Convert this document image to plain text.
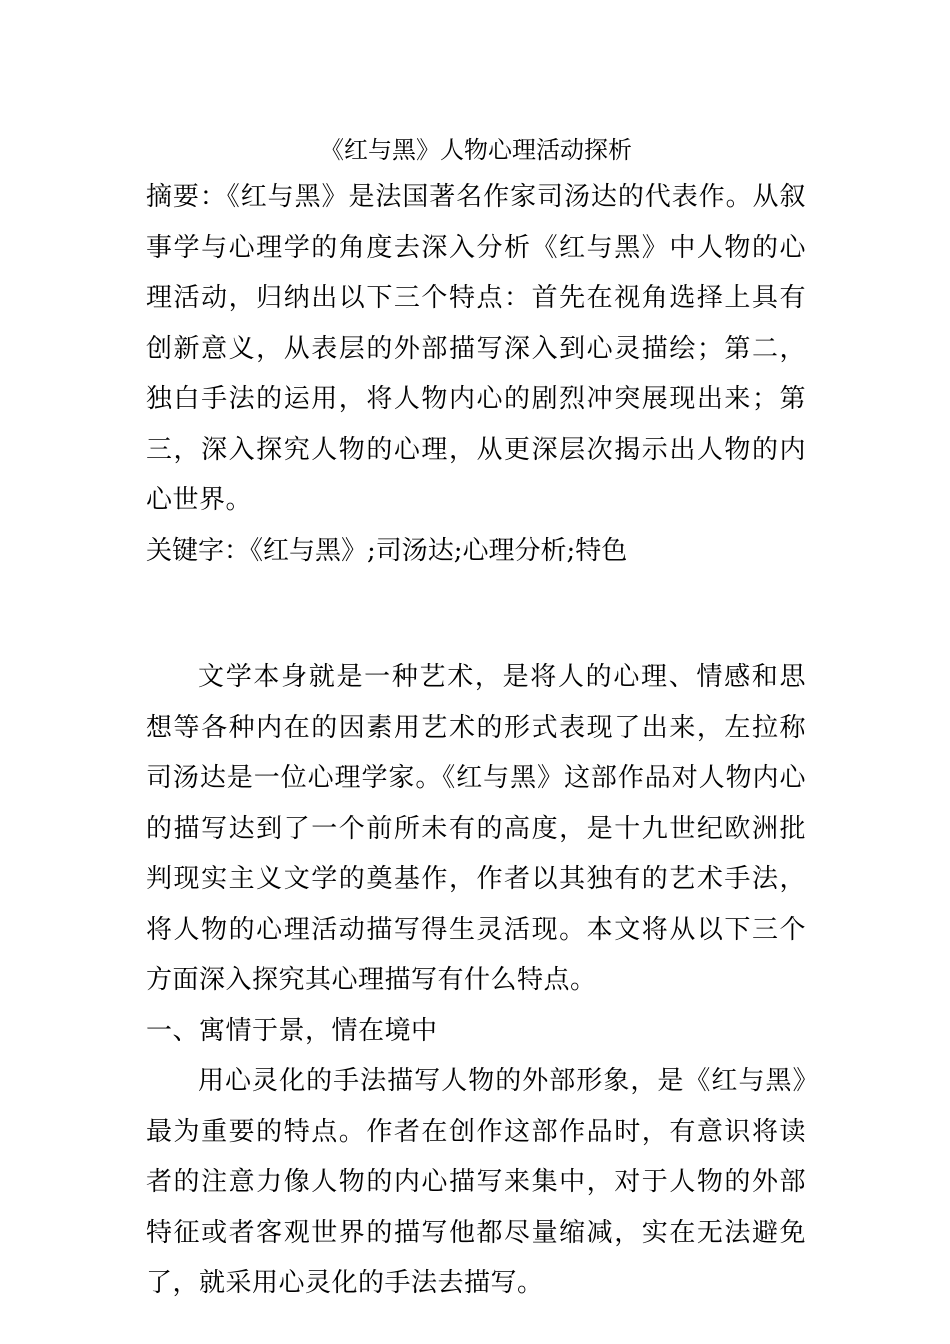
《红与黑》人物心理活动探析

摘要：《红与黑》是法国著名作家司汤达的代表作。从叙事学与心理学的角度去深入分析《红与黑》中人物的心理活动，归纳出以下三个特点：首先在视角选择上具有创新意义，从表层的外部描写深入到心灵描绘；第二，独白手法的运用，将人物内心的剧烈冲突展现出来；第三，深入探究人物的心理，从更深层次揭示出人物的内心世界。

关键字：《红与黑》;司汤达;心理分析;特色

文学本身就是一种艺术，是将人的心理、情感和思想等各种内在的因素用艺术的形式表现了出来，左拉称司汤达是一位心理学家。《红与黑》这部作品对人物内心的描写达到了一个前所未有的高度，是十九世纪欧洲批判现实主义文学的奠基作，作者以其独有的艺术手法，将人物的心理活动描写得生灵活现。本文将从以下三个方面深入探究其心理描写有什么特点。

一、寓情于景，情在境中

用心灵化的手法描写人物的外部形象，是《红与黑》最为重要的特点。作者在创作这部作品时，有意识将读者的注意力像人物的内心描写来集中，对于人物的外部特征或者客观世界的描写他都尽量缩减，实在无法避免了，就采用心灵化的手法去描写。
